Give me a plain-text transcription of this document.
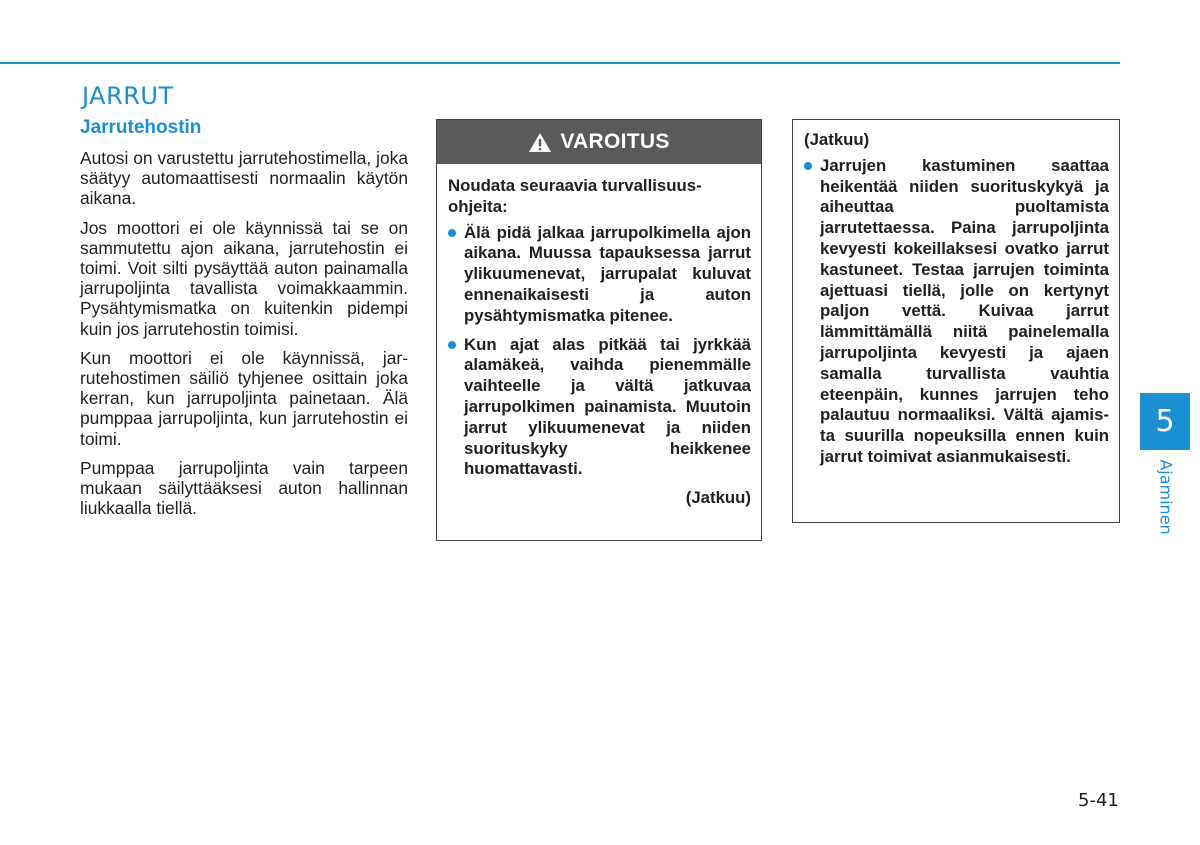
JARRUT
Jarrutehostin

Autosi on varustettu jarrutehostimella, joka säätyy automaattisesti normaalin käytön aikana.

Jos moottori ei ole käynnissä tai se on sammutettu ajon aikana, jarrutehostin ei toimi. Voit silti pysäyttää auton painamalla jarrupoljinta tavallista voimakkaammin. Pysähtymismatka on kuitenkin pidempi kuin jos jarrutehostin toimisi.

Kun moottori ei ole käynnissä, jarrutehostimen säiliö tyhjenee osittain joka kerran, kun jarrupoljinta painetaan. Älä pumppaa jarrupoljinta, kun jarrutehostin ei toimi.

Pumppaa jarrupoljinta vain tarpeen mukaan säilyttääksesi auton hallinnan liukkaalla tiellä.

VAROITUS
Noudata seuraavia turvallisuusohjeita:
Älä pidä jalkaa jarrupolkimella ajon aikana. Muussa tapauksessa jarrut ylikuumenevat, jarrupalat kuluvat ennenaikaisesti ja auton pysähtymismatka pitenee.
Kun ajat alas pitkää tai jyrkkää alamäkeä, vaihda pienemmälle vaihteelle ja vältä jatkuvaa jarrupolkimen painamista. Muutoin jarrut ylikuumenevat ja niiden suorituskyky heikkenee huomattavasti.
(Jatkuu)
(Jatkuu)
Jarrujen kastuminen saattaa heikentää niiden suorituskykyä ja aiheuttaa puoltamista jarrutettaessa. Paina jarrupoljinta kevyesti kokeillaksesi ovatko jarrut kastuneet. Testaa jarrujen toiminta ajettuasi tiellä, jolle on kertynyt paljon vettä. Kuivaa jarrut lämmittämällä niitä painelemalla jarrupoljinta kevyesti ja ajaen samalla turvallista vauhtia eteenpäin, kunnes jarrujen teho palautuu normaaliksi. Vältä ajamista suurilla nopeuksilla ennen kuin jarrut toimivat asianmukaisesti.
5
Ajaminen
5-41
